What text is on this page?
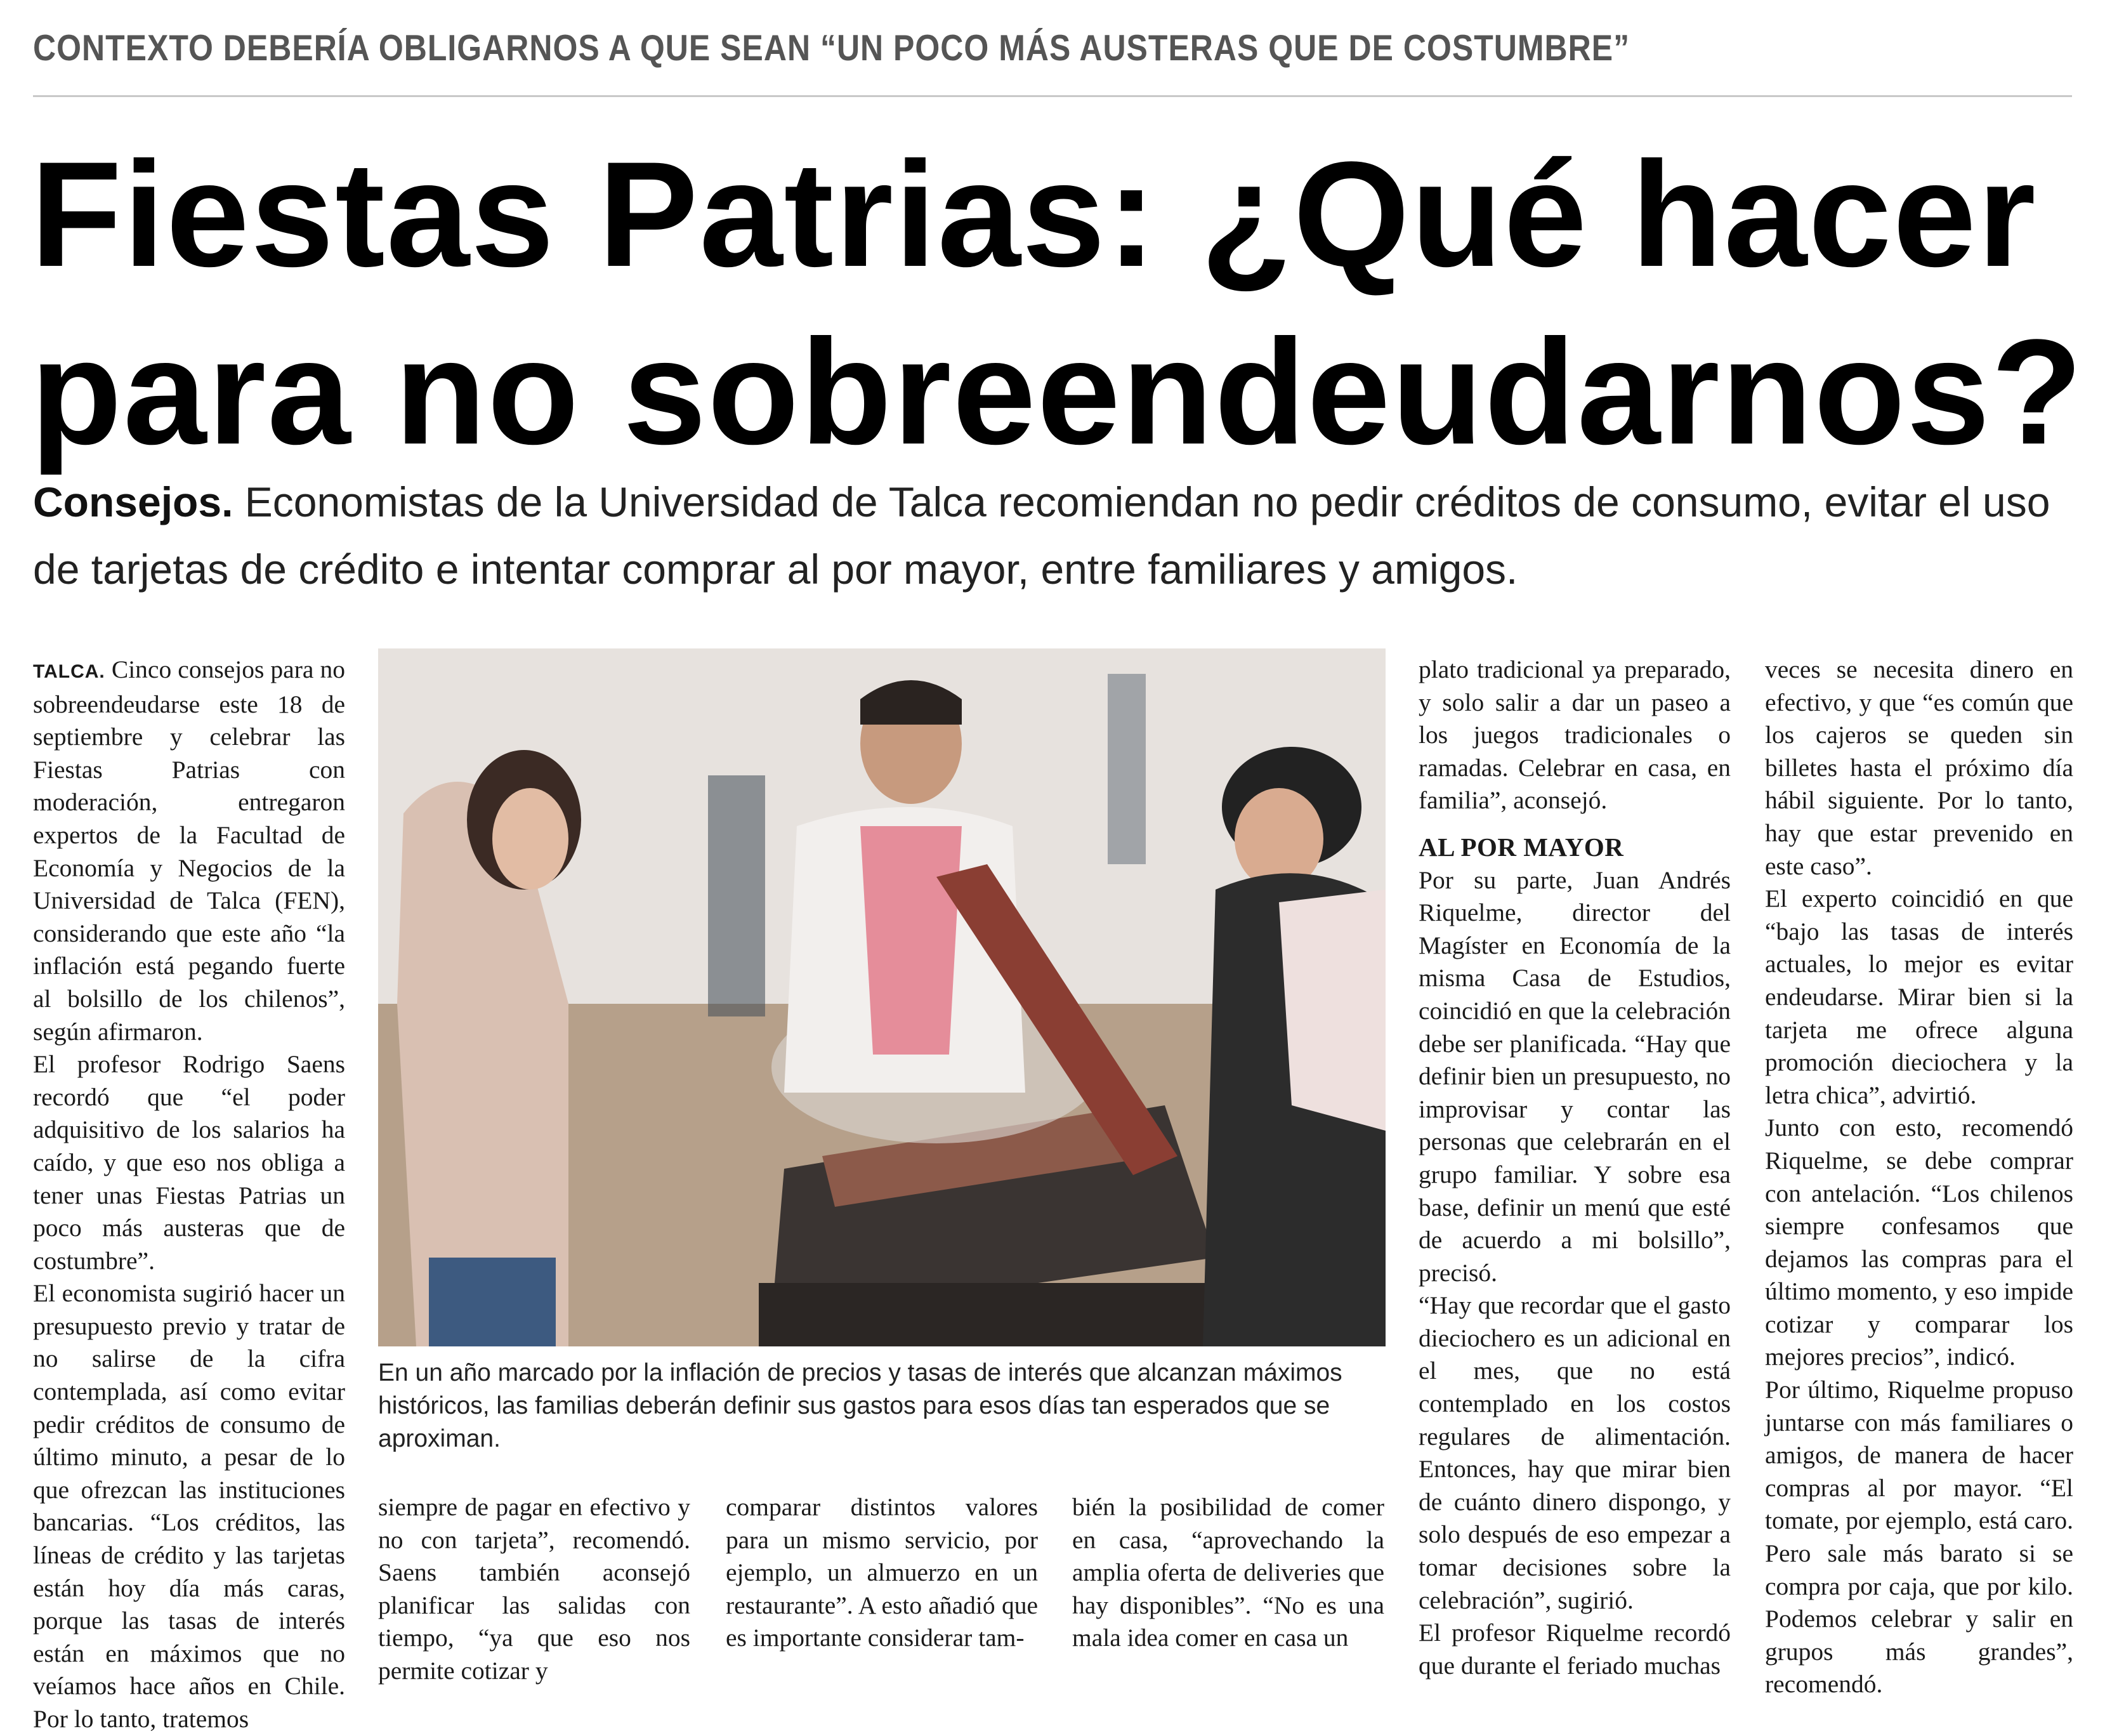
CONTEXTO DEBERÍA OBLIGARNOS A QUE SEAN “UN POCO MÁS AUSTERAS QUE DE COSTUMBRE”
Fiestas Patrias: ¿Qué hacer
para no sobreendeudarnos?
Consejos. Economistas de la Universidad de Talca recomiendan no pedir créditos de consumo, evitar el uso de tarjetas de crédito e intentar comprar al por mayor, entre familiares y amigos.

TALCA. Cinco consejos para no sobreendeudarse este 18 de septiembre y celebrar las Fiestas Patrias con moderación, entregaron expertos de la Facultad de Economía y Negocios de la Universidad de Talca (FEN), considerando que este año “la inflación está pegando fuerte al bolsillo de los chilenos”, según afirmaron.

El profesor Rodrigo Saens recordó que “el poder adquisitivo de los salarios ha caído, y que eso nos obliga a tener unas Fiestas Patrias un poco más austeras que de costumbre”.

El economista sugirió hacer un presupuesto previo y tratar de no salirse de la cifra contemplada, así como evitar pedir créditos de consumo de último minuto, a pesar de lo que ofrezcan las instituciones bancarias. “Los créditos, las líneas de crédito y las tarjetas están hoy día más caras, porque las tasas de interés están en máximos que no veíamos hace años en Chile. Por lo tanto, tratemos

En un año marcado por la inflación de precios y tasas de interés que alcanzan máximos históricos, las familias deberán definir sus gastos para esos días tan esperados que se aproximan.

siempre de pagar en efectivo y no con tarjeta”, recomendó. Saens también aconsejó planificar las salidas con tiempo, “ya que eso nos permite cotizar y

comparar distintos valores para un mismo servicio, por ejemplo, un almuerzo en un restaurante”. A esto añadió que es importante considerar tam-

bién la posibilidad de comer en casa, “aprovechando la amplia oferta de deliveries que hay disponibles”. “No es una mala idea comer en casa un

plato tradicional ya preparado, y solo salir a dar un paseo a los juegos tradicionales o ramadas. Celebrar en casa, en familia”, aconsejó.

AL POR MAYOR

Por su parte, Juan Andrés Riquelme, director del Magíster en Economía de la misma Casa de Estudios, coincidió en que la celebración debe ser planificada. “Hay que definir bien un presupuesto, no improvisar y contar las personas que celebrarán en el grupo familiar. Y sobre esa base, definir un menú que esté de acuerdo a mi bolsillo”, precisó.

“Hay que recordar que el gasto dieciochero es un adicional en el mes, que no está contemplado en los costos regulares de alimentación. Entonces, hay que mirar bien de cuánto dinero dispongo, y solo después de eso empezar a tomar decisiones sobre la celebración”, sugirió.

El profesor Riquelme recordó que durante el feriado muchas

veces se necesita dinero en efectivo, y que “es común que los cajeros se queden sin billetes hasta el próximo día hábil siguiente. Por lo tanto, hay que estar prevenido en este caso”.

El experto coincidió en que “bajo las tasas de interés actuales, lo mejor es evitar endeudarse. Mirar bien si la tarjeta me ofrece alguna promoción dieciochera y la letra chica”, advirtió.

Junto con esto, recomendó Riquelme, se debe comprar con antelación. “Los chilenos siempre confesamos que dejamos las compras para el último momento, y eso impide cotizar y comparar los mejores precios”, indicó.

Por último, Riquelme propuso juntarse con más familiares o amigos, de manera de hacer compras al por mayor. “El tomate, por ejemplo, está caro. Pero sale más barato si se compra por caja, que por kilo. Podemos celebrar y salir en grupos más grandes”, recomendó.
